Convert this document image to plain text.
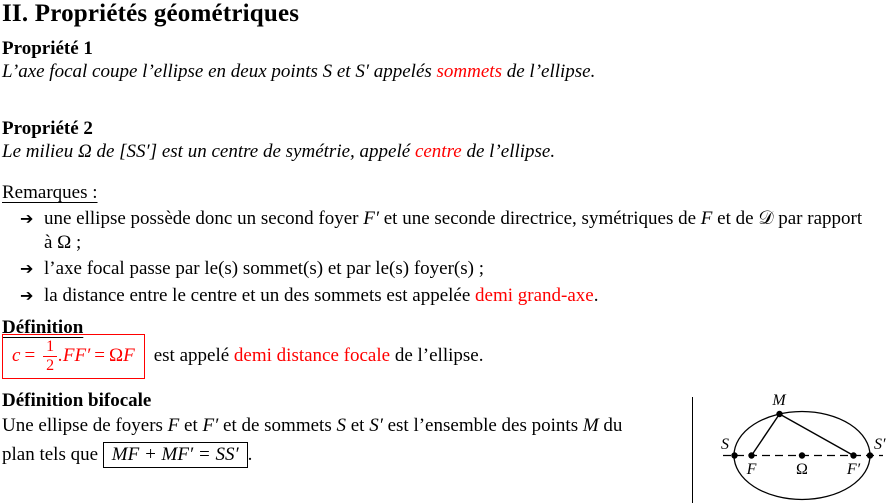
II. Propriétés géométriques
Propriété 1
L’axe focal coupe l’ellipse en deux points S et S′ appelés sommets de l’ellipse.
Propriété 2
Le milieu Ω de [SS′] est un centre de symétrie, appelé centre de l’ellipse.
Remarques :
➔ une ellipse possède donc un second foyer F′ et une seconde directrice, symétriques de F et de 𝒟 par rapport
à Ω ;
➔ l’axe focal passe par le(s) sommet(s) et par le(s) foyer(s) ;
➔ la distance entre le centre et un des sommets est appelée demi grand-axe.
Définition
$c = \frac{1}{2} .FF' = \Omega$ F est appelé demi distance focale de l’ellipse.
Définition bifocale
Une ellipse de foyers F et F′ et de sommets S et S′ est l’ensemble des points M du
plan tels que MF + MF′ = SS′ .
M
S	S′
F Ω F′
